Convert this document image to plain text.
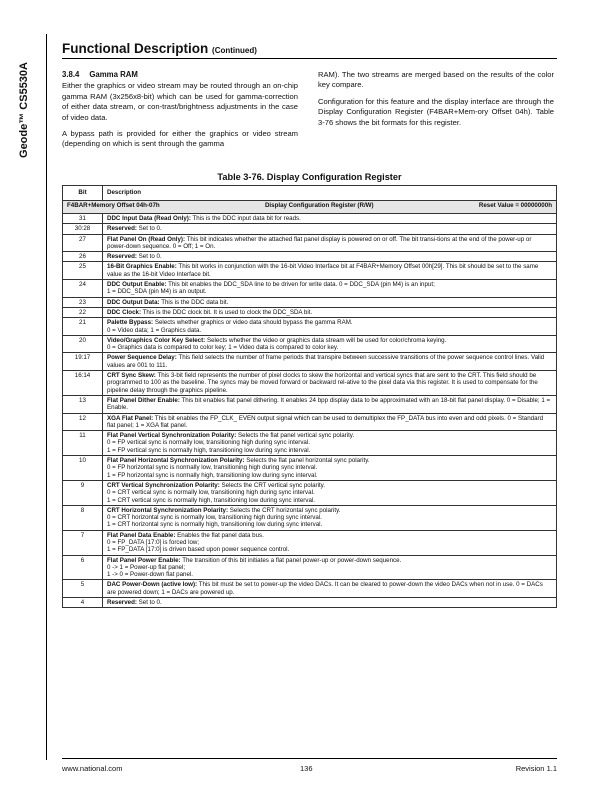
Geode™ CS5530A
Functional Description (Continued)
3.8.4 Gamma RAM

Either the graphics or video stream may be routed through an on-chip gamma RAM (3x256x8-bit) which can be used for gamma-correction of either data stream, or con-trast/brightness adjustments in the case of video data.

A bypass path is provided for either the graphics or video stream (depending on which is sent through the gamma

RAM). The two streams are merged based on the results of the color key compare.

Configuration for this feature and the display interface are through the Display Configuration Register (F4BAR+Mem-ory Offset 04h). Table 3-76 shows the bit formats for this register.

Table 3-76. Display Configuration Register
Bit	Description

F4BAR+Memory Offset 04h-07h Display Configuration Register (R/W) Reset Value = 00000000h	

31	DDC Input Data (Read Only): This is the DDC input data bit for reads.

30:28	Reserved: Set to 0.

27	Flat Panel On (Read Only): This bit indicates whether the attached flat panel display is powered on or off. The bit transi-tions at the end of the power-up or power-down sequence. 0 = Off; 1 = On.

26	Reserved: Set to 0.

25	16-Bit Graphics Enable: This bit works in conjunction with the 16-bit Video Interface bit at F4BAR+Memory Offset 00h[29]. This bit should be set to the same value as the 16-bit Video Interface bit.

24	DDC Output Enable: This bit enables the DDC_SDA line to be driven for write data. 0 = DDC_SDA (pin M4) is an input;
1 = DDC_SDA (pin M4) is an output.

23	DDC Output Data: This is the DDC data bit.

22	DDC Clock: This is the DDC clock bit. It is used to clock the DDC_SDA bit.

21	Palette Bypass: Selects whether graphics or video data should bypass the gamma RAM.
0 = Video data; 1 = Graphics data.

20	Video/Graphics Color Key Select: Selects whether the video or graphics data stream will be used for color/chroma keying.
0 = Graphics data is compared to color key; 1 = Video data is compared to color key.

19:17	Power Sequence Delay: This field selects the number of frame periods that transpire between successive transitions of the power sequence control lines. Valid values are 001 to 111.

16:14	CRT Sync Skew: This 3-bit field represents the number of pixel clocks to skew the horizontal and vertical syncs that are sent to the CRT. This field should be programmed to 100 as the baseline. The syncs may be moved forward or backward rel-ative to the pixel data via this register. It is used to compensate for the pipeline delay through the graphics pipeline.

13	Flat Panel Dither Enable: This bit enables flat panel dithering. It enables 24 bpp display data to be approximated with an 18-bit flat panel display. 0 = Disable; 1 = Enable.

12	XGA Flat Panel: This bit enables the FP_CLK_ EVEN output signal which can be used to demultiplex the FP_DATA bus into even and odd pixels. 0 = Standard flat panel; 1 = XGA flat panel.

11	Flat Panel Vertical Synchronization Polarity: Selects the flat panel vertical sync polarity.
0 = FP vertical sync is normally low, transitioning high during sync interval.
1 = FP vertical sync is normally high, transitioning low during sync interval.

10	Flat Panel Horizontal Synchronization Polarity: Selects the flat panel horizontal sync polarity.
0 = FP horizontal sync is normally low, transitioning high during sync interval.
1 = FP horizontal sync is normally high, transitioning low during sync interval.

9	CRT Vertical Synchronization Polarity: Selects the CRT vertical sync polarity.
0 = CRT vertical sync is normally low, transitioning high during sync interval.
1 = CRT vertical sync is normally high, transitioning low during sync interval.

8	CRT Horizontal Synchronization Polarity: Selects the CRT horizontal sync polarity.
0 = CRT horizontal sync is normally low, transitioning high during sync interval.
1 = CRT horizontal sync is normally high, transitioning low during sync interval.

7	Flat Panel Data Enable: Enables the flat panel data bus.
0 = FP_DATA [17:0] is forced low;
1 = FP_DATA [17:0] is driven based upon power sequence control.

6	Flat Panel Power Enable: The transition of this bit initiates a flat panel power-up or power-down sequence.
0 -> 1 = Power-up flat panel;
1 -> 0 = Power-down flat panel.

5	DAC Power-Down (active low): This bit must be set to power-up the video DACs. It can be cleared to power-down the video DACs when not in use. 0 = DACs are powered down; 1 = DACs are powered up.

4	Reserved: Set to 0.
www.national.com	136	Revision 1.1
